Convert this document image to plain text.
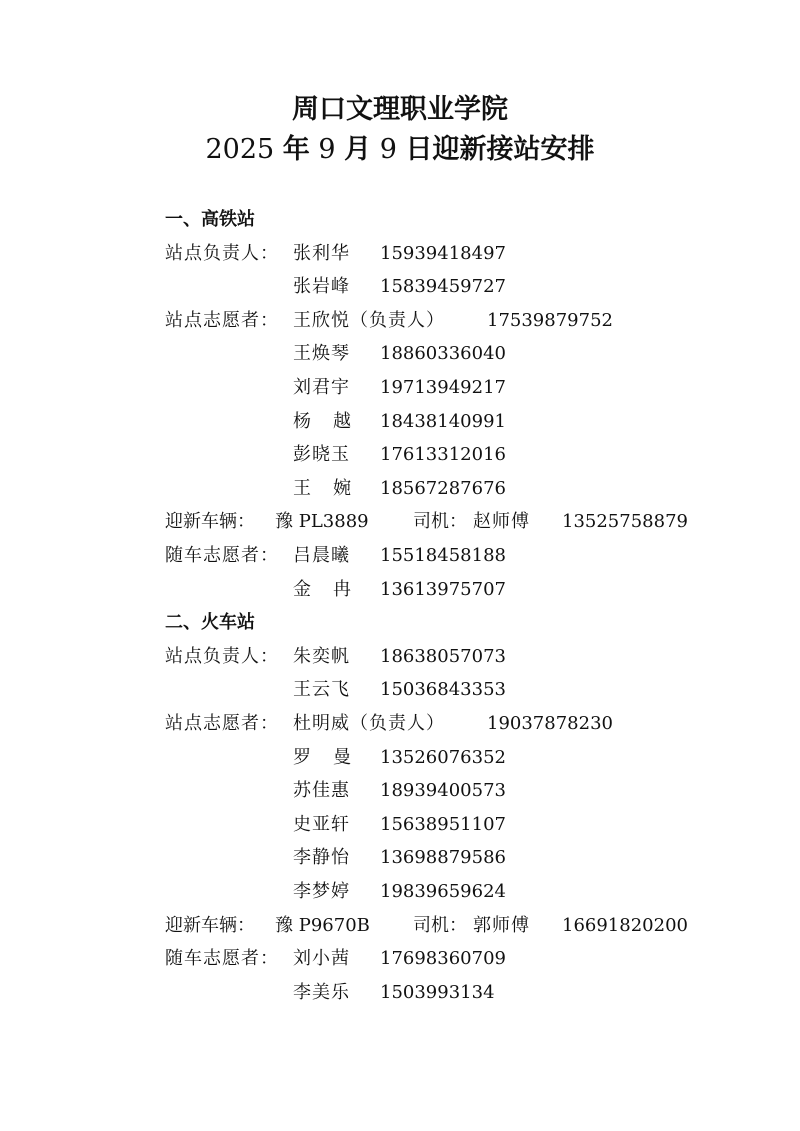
周口文理职业学院
2025 年 9 月 9 日迎新接站安排
一、高铁站
站点负责人： 张利华 15939418497
张岩峰 15839459727
站点志愿者： 王欣悦（负责人） 17539879752
王焕琴 18860336040
刘君宇 19713949217
杨越 18438140991
彭晓玉 17613312016
王婉 18567287676
迎新车辆： 豫 PL3889 司机： 赵师傅 13525758879
随车志愿者： 吕晨曦 15518458188
金冉 13613975707
二、火车站
站点负责人： 朱奕帆 18638057073
王云飞 15036843353
站点志愿者： 杜明威（负责人） 19037878230
罗曼 13526076352
苏佳惠 18939400573
史亚轩 15638951107
李静怡 13698879586
李梦婷 19839659624
迎新车辆： 豫 P9670B 司机： 郭师傅 16691820200
随车志愿者： 刘小茜 17698360709
李美乐 1503993134
